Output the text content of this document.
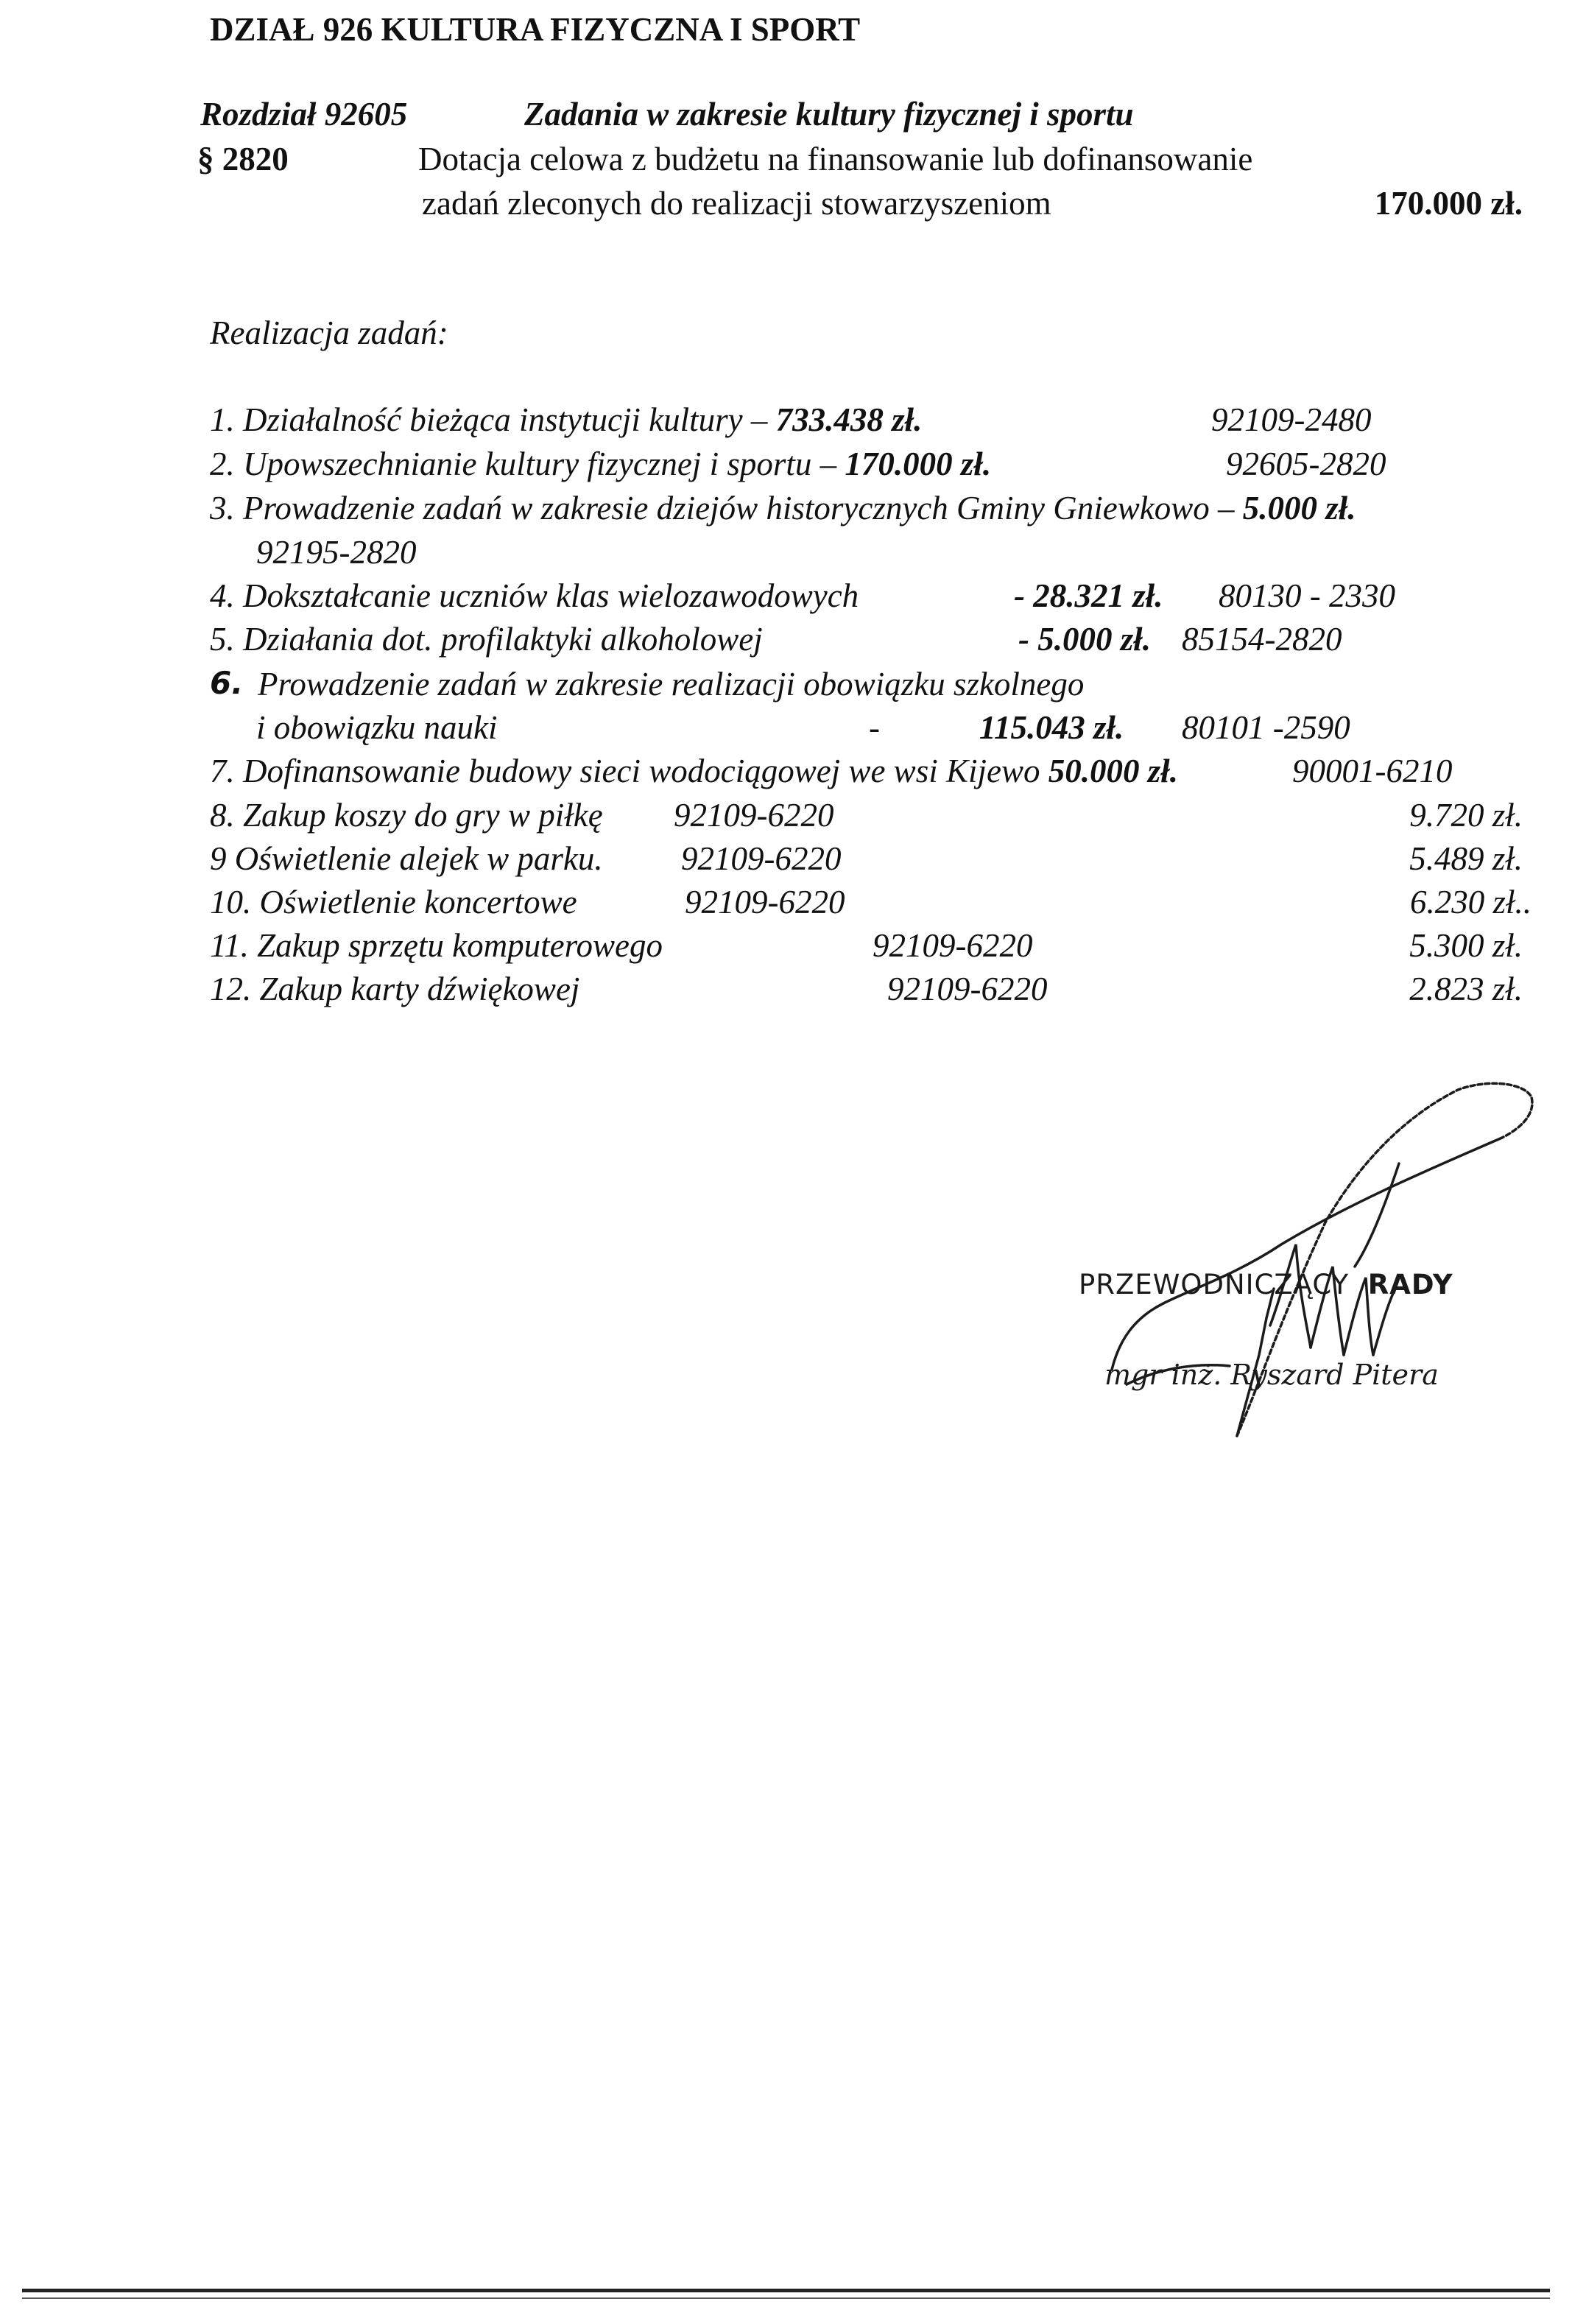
DZIAŁ 926 KULTURA FIZYCZNA I SPORT
Rozdział 92605	Zadania w zakresie kultury fizycznej i sportu
§ 2820	Dotacja celowa z budżetu na finansowanie lub dofinansowanie
zadań zleconych do realizacji stowarzyszeniom	170.000 zł.
Realizacja zadań:
1. Działalność bieżąca instytucji kultury – 733.438 zł.	92109-2480
2. Upowszechnianie kultury fizycznej i sportu – 170.000 zł.	92605-2820
3. Prowadzenie zadań w zakresie dziejów historycznych Gminy Gniewkowo – 5.000 zł.
92195-2820
4. Dokształcanie uczniów klas wielozawodowych	- 28.321 zł. 80130 - 2330
5. Działania dot. profilaktyki alkoholowej	- 5.000 zł. 85154-2820
6. Prowadzenie zadań w zakresie realizacji obowiązku szkolnego
i obowiązku nauki	-	115.043 zł. 80101 -2590
7. Dofinansowanie budowy sieci wodociągowej we wsi Kijewo 50.000 zł.	90001-6210
8. Zakup koszy do gry w piłkę 92109-6220	9.720 zł.
9 Oświetlenie alejek w parku. 92109-6220	5.489 zł.
10. Oświetlenie koncertowe	92109-6220	6.230 zł..
11. Zakup sprzętu komputerowego	92109-6220	5.300 zł.
12. Zakup karty dźwiękowej	92109-6220	2.823 zł.
PRZEWODNICZĄCY RADY
mgr inż. Ryszard Pitera
